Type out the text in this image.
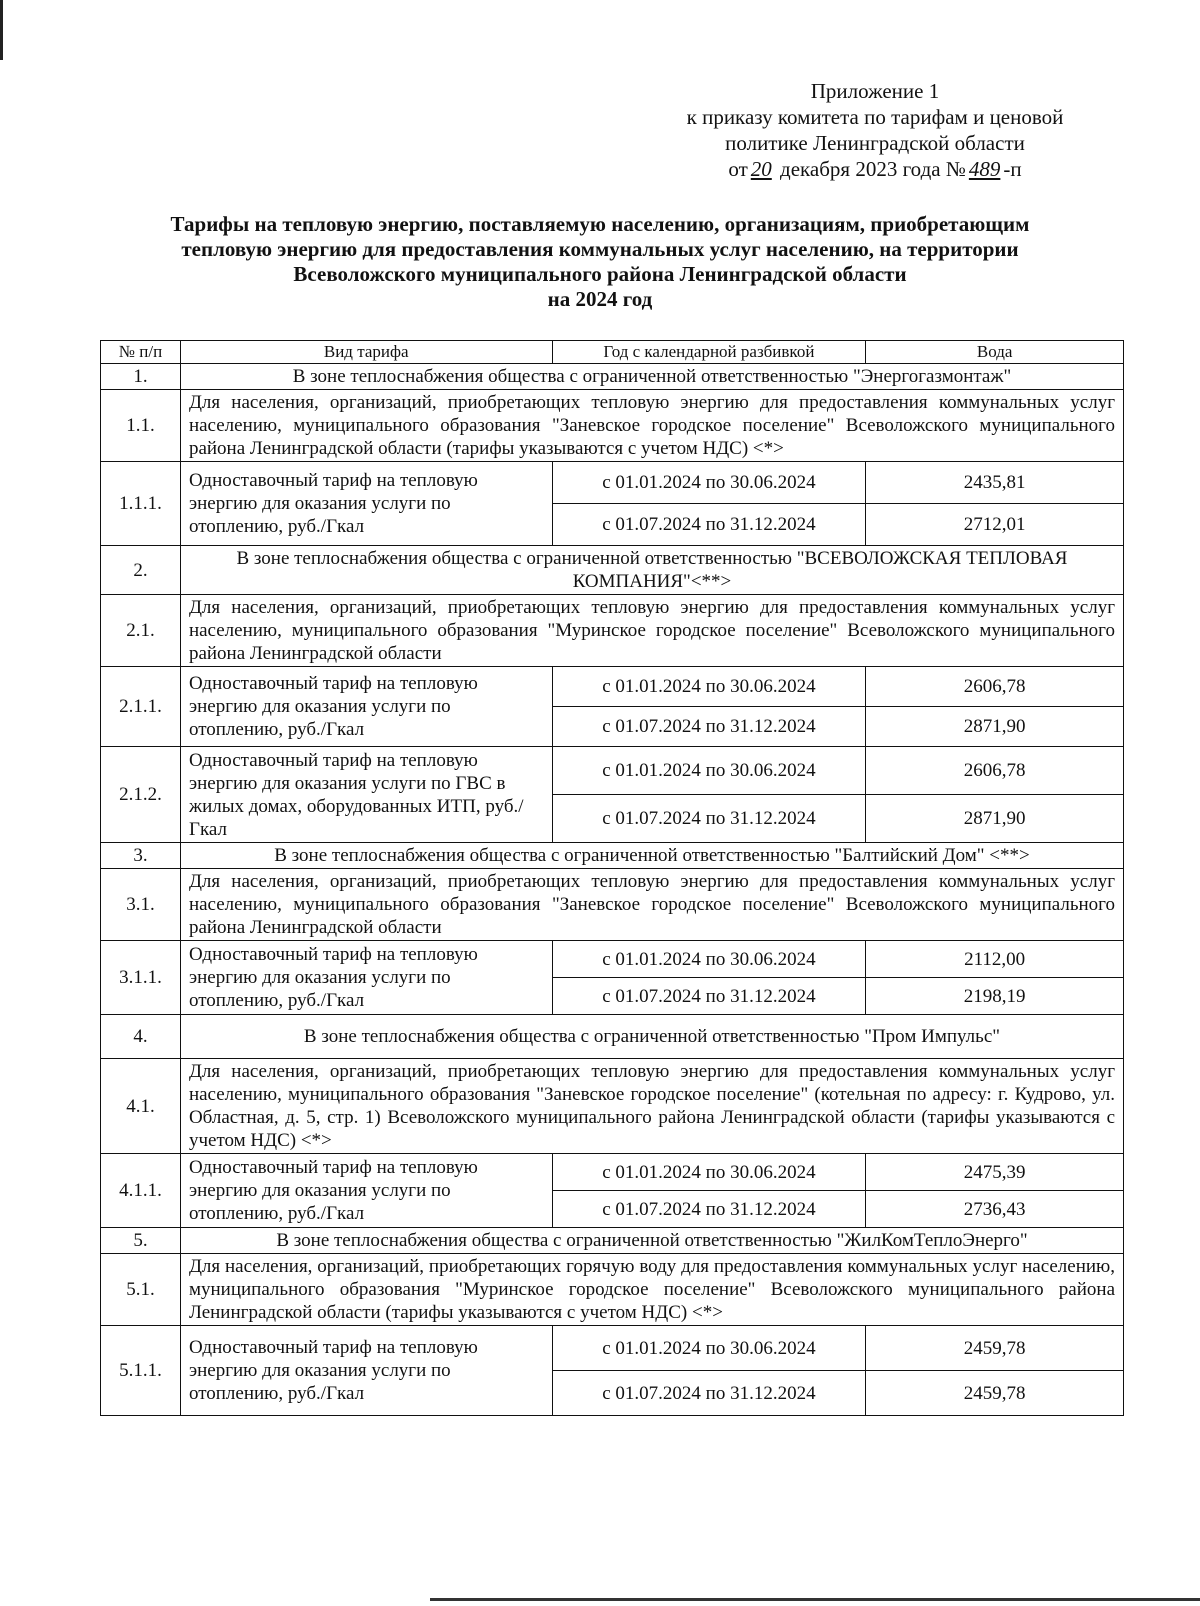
Приложение 1
к приказу комитета по тарифам и ценовой
политике Ленинградской области
от 20 декабря 2023 года № 489 -п
Тарифы на тепловую энергию, поставляемую населению, организациям, приобретающим
тепловую энергию для предоставления коммунальных услуг населению, на территории
Всеволожского муниципального района Ленинградской области
на 2024 год
№ п/п	Вид тарифа	Год с календарной разбивкой	Вода
1.	В зоне теплоснабжения общества с ограниченной ответственностью "Энергогазмонтаж"		
1.1.	Для населения, организаций, приобретающих тепловую энергию для предоставления коммунальных услуг населению, муниципального образования "Заневское городское поселение" Всеволожского муниципального района Ленинградской области (тарифы указываются с учетом НДС) <*>		
1.1.1.	Одноставочный тариф на тепловую энергию для оказания услуги по отоплению, руб./Гкал	с 01.01.2024 по 30.06.2024	2435,81
		с 01.07.2024 по 31.12.2024	2712,01
2.	В зоне теплоснабжения общества с ограниченной ответственностью "ВСЕВОЛОЖСКАЯ ТЕПЛОВАЯ КОМПАНИЯ"<**>		
2.1.	Для населения, организаций, приобретающих тепловую энергию для предоставления коммунальных услуг населению, муниципального образования "Муринское городское поселение" Всеволожского муниципального района Ленинградской области		
2.1.1.	Одноставочный тариф на тепловую энергию для оказания услуги по отоплению, руб./Гкал	с 01.01.2024 по 30.06.2024	2606,78
		с 01.07.2024 по 31.12.2024	2871,90
2.1.2.	Одноставочный тариф на тепловую энергию для оказания услуги по ГВС в жилых домах, оборудованных ИТП, руб./Гкал	с 01.01.2024 по 30.06.2024	2606,78
		с 01.07.2024 по 31.12.2024	2871,90
3.	В зоне теплоснабжения общества с ограниченной ответственностью "Балтийский Дом" <**>		
3.1.	Для населения, организаций, приобретающих тепловую энергию для предоставления коммунальных услуг населению, муниципального образования "Заневское городское поселение" Всеволожского муниципального района Ленинградской области		
3.1.1.	Одноставочный тариф на тепловую энергию для оказания услуги по отоплению, руб./Гкал	с 01.01.2024 по 30.06.2024	2112,00
		с 01.07.2024 по 31.12.2024	2198,19
4.	В зоне теплоснабжения общества с ограниченной ответственностью "Пром Импульс"		
4.1.	Для населения, организаций, приобретающих тепловую энергию для предоставления коммунальных услуг населению, муниципального образования "Заневское городское поселение" (котельная по адресу: г. Кудрово, ул. Областная, д. 5, стр. 1) Всеволожского муниципального района Ленинградской области (тарифы указываются с учетом НДС) <*>		
4.1.1.	Одноставочный тариф на тепловую энергию для оказания услуги по отоплению, руб./Гкал	с 01.01.2024 по 30.06.2024	2475,39
		с 01.07.2024 по 31.12.2024	2736,43
5.	В зоне теплоснабжения общества с ограниченной ответственностью "ЖилКомТеплоЭнерго"		
5.1.	Для населения, организаций, приобретающих горячую воду для предоставления коммунальных услуг населению, муниципального образования "Муринское городское поселение" Всеволожского муниципального района Ленинградской области (тарифы указываются с учетом НДС) <*>		
5.1.1.	Одноставочный тариф на тепловую энергию для оказания услуги по отоплению, руб./Гкал	с 01.01.2024 по 30.06.2024	2459,78
		с 01.07.2024 по 31.12.2024	2459,78
